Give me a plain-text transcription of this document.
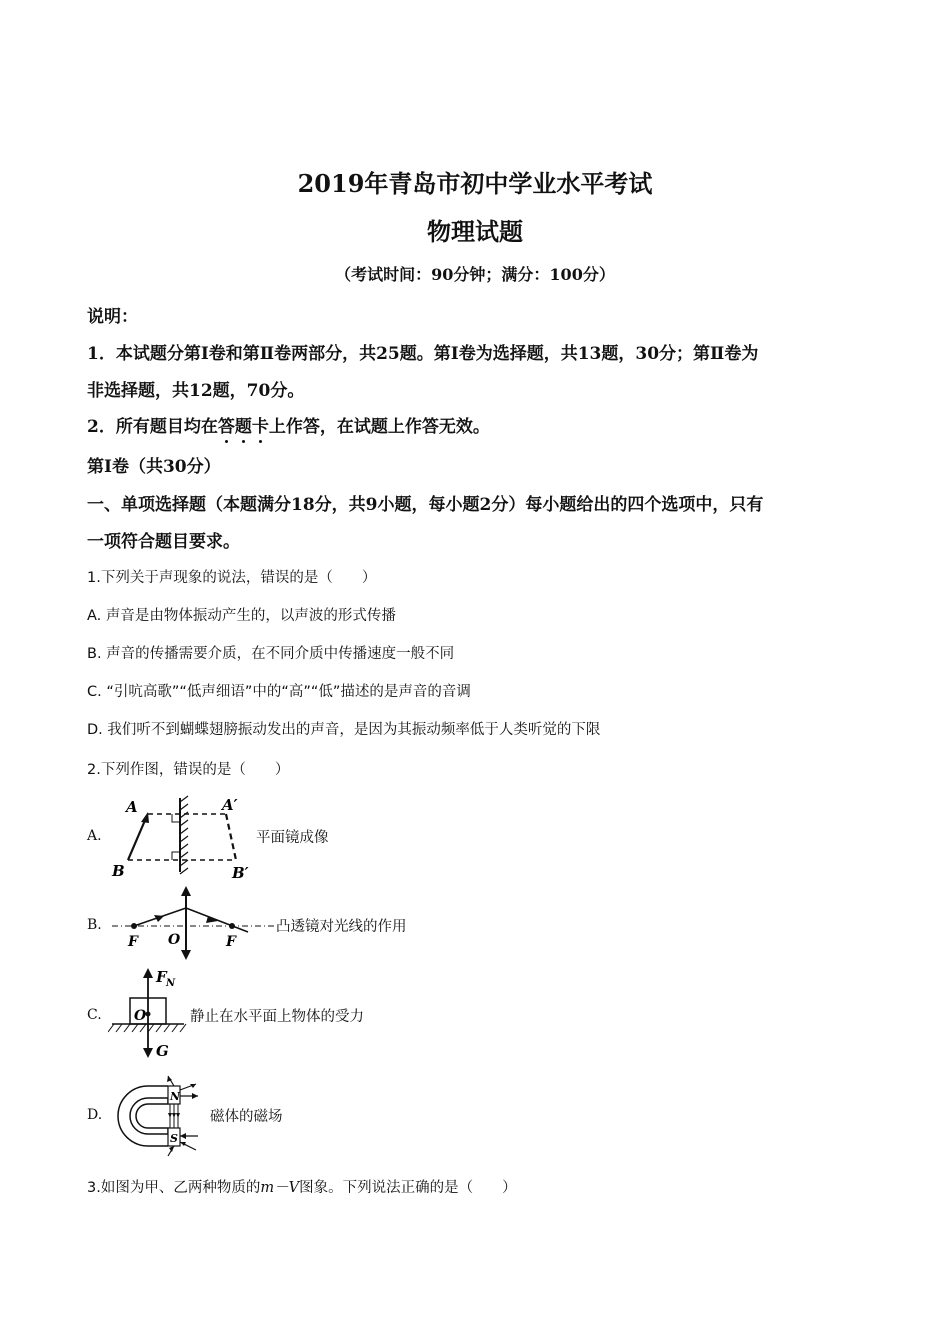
2019年青岛市初中学业水平考试
物理试题
（考试时间：90分钟；满分：100分）
说明：
1．本试题分第Ⅰ卷和第Ⅱ卷两部分，共25题。第Ⅰ卷为选择题，共13题，30分；第Ⅱ卷为
非选择题，共12题，70分。
2．所有题目均在答题卡上作答，在试题上作答无效。
第Ⅰ卷（共30分）
一、单项选择题（本题满分18分，共9小题，每小题2分）每小题给出的四个选项中，只有
一项符合题目要求。
1.下列关于声现象的说法，错误的是（　　）
A. 声音是由物体振动产生的，以声波的形式传播
B. 声音的传播需要介质，在不同介质中传播速度一般不同
C. “引吭高歌”“低声细语”中的“高”“低”描述的是声音的音调
D. 我们听不到蝴蝶翅膀振动发出的声音，是因为其振动频率低于人类听觉的下限
2.下列作图，错误的是（　　）
A.
A	A′
B	B′
平面镜成像
B.
F O	F
凸透镜对光线的作用
C.
F N
O
G
静止在水平面上物体的受力
D.
N
S
磁体的磁场
3.如图为甲、乙两种物质的m－V图象。下列说法正确的是（　　）
